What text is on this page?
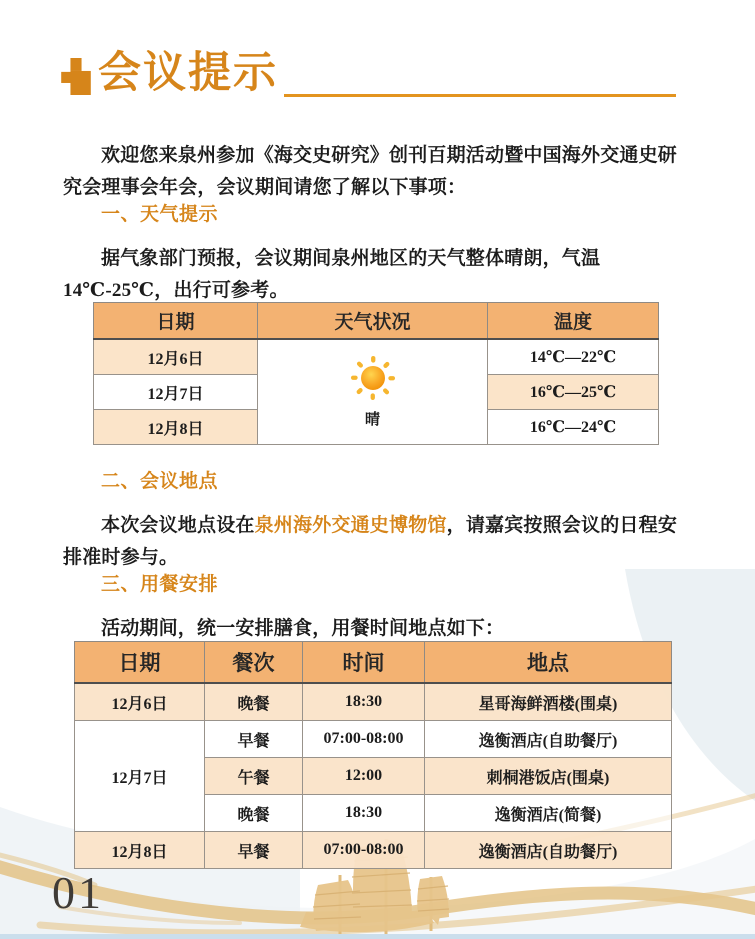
会议提示

欢迎您来泉州参加《海交史研究》创刊百期活动暨中国海外交通史研究会理事会年会，会议期间请您了解以下事项：

一、天气提示

据气象部门预报，会议期间泉州地区的天气整体晴朗，气温14℃-25℃，出行可参考。

日期	天气状况	温度
12月6日	晴	14℃—22℃
12月7日		16℃—25℃
12月8日		16℃—24℃
二、会议地点

本次会议地点设在泉州海外交通史博物馆，请嘉宾按照会议的日程安排准时参与。

三、用餐安排

活动期间，统一安排膳食，用餐时间地点如下：

日期	餐次	时间	地点
12月6日	晚餐	18:30	星哥海鲜酒楼(围桌)
12月7日	早餐	07:00-08:00	逸衡酒店(自助餐厅)
	午餐	12:00	刺桐港饭店(围桌)
	晚餐	18:30	逸衡酒店(简餐)
12月8日	早餐	07:00-08:00	逸衡酒店(自助餐厅)
01
